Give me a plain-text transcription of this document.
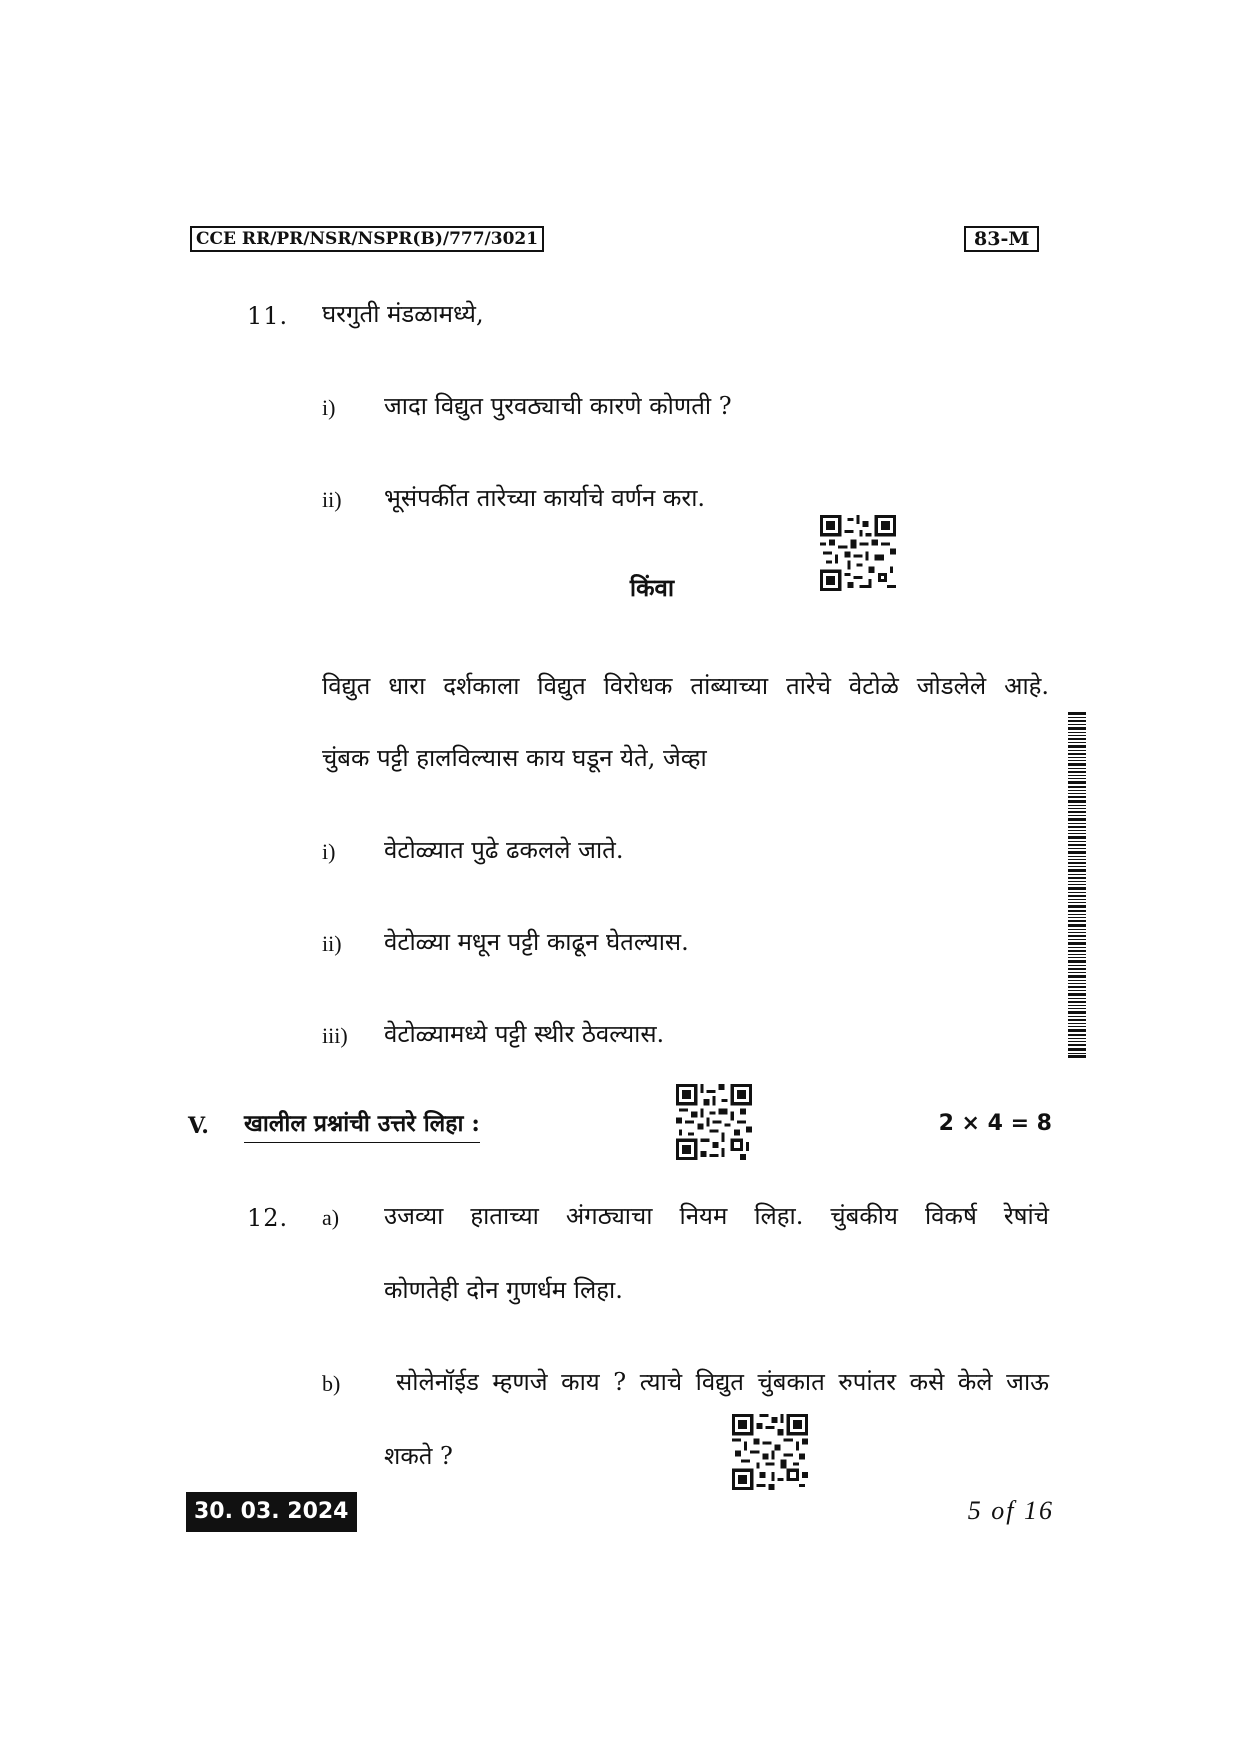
CCE RR/PR/NSR/NSPR(B)/777/3021	83-M
11. घरगुती मंडळामध्ये,
i) जादा विद्युत पुरवठ्याची कारणे कोणती ?
ii) भूसंपर्कीत तारेच्या कार्याचे वर्णन करा.
किंवा
विद्युत धारा दर्शकाला विद्युत विरोधक तांब्याच्या तारेचे वेटोळे जोडलेले आहे.
चुंबक पट्टी हालविल्यास काय घडून येते, जेव्हा
i) वेटोळ्यात पुढे ढकलले जाते.
ii) वेटोळ्या मधून पट्टी काढून घेतल्यास.
iii) वेटोळ्यामध्ये पट्टी स्थीर ठेवल्यास.
V. खालील प्रश्नांची उत्तरे लिहा :	2 × 4 = 8
12. a) उजव्या हाताच्या अंगठ्याचा नियम लिहा. चुंबकीय विकर्ष रेषांचे
कोणतेही दोन गुणर्धम लिहा.
b) सोलेनॉईड म्हणजे काय ? त्याचे विद्युत चुंबकात रुपांतर कसे केले जाऊ
शकते ?
30. 03. 2024	5 of 16
